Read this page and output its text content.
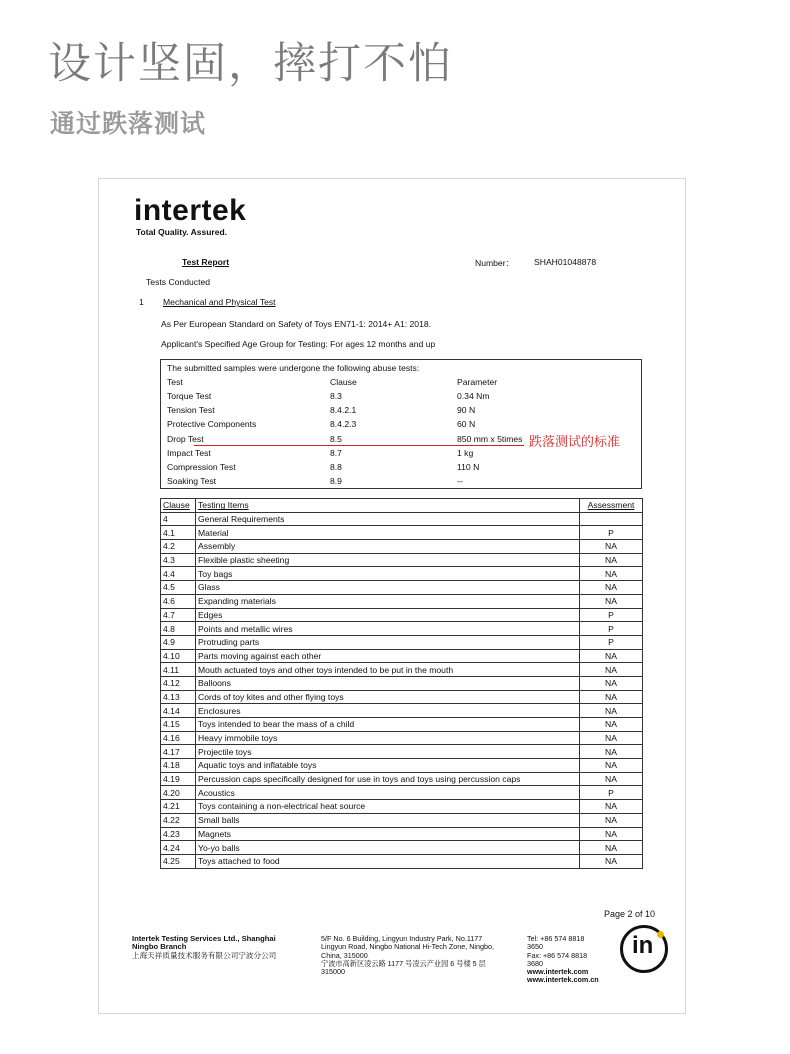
设计坚固，摔打不怕
通过跌落测试
intertek
Total Quality. Assured.
Test Report	Number： SHAH01048878
Tests Conducted
1 Mechanical and Physical Test
As Per European Standard on Safety of Toys EN71-1: 2014+ A1: 2018.
Applicant's Specified Age Group for Testing: For ages 12 months and up
The submitted samples were undergone the following abuse tests:
Test	Clause	Parameter
Torque Test	8.3	0.34 Nm
Tension Test	8.4.2.1	90 N
Protective Components	8.4.2.3	60 N
Drop Test	8.5	850 mm x 5times
Impact Test	8.7	1 kg
Compression Test	8.8	110 N
Soaking Test	8.9	--
跌落测试的标准
Clause	Testing Items	Assessment
4	General Requirements	
4.1	Material	P
4.2	Assembly	NA
4.3	Flexible plastic sheeting	NA
4.4	Toy bags	NA
4.5	Glass	NA
4.6	Expanding materials	NA
4.7	Edges	P
4.8	Points and metallic wires	P
4.9	Protruding parts	P
4.10	Parts moving against each other	NA
4.11	Mouth actuated toys and other toys intended to be put in the mouth	NA
4.12	Balloons	NA
4.13	Cords of toy kites and other flying toys	NA
4.14	Enclosures	NA
4.15	Toys intended to bear the mass of a child	NA
4.16	Heavy immobile toys	NA
4.17	Projectile toys	NA
4.18	Aquatic toys and inflatable toys	NA
4.19	Percussion caps specifically designed for use in toys and toys using percussion caps	NA
4.20	Acoustics	P
4.21	Toys containing a non-electrical heat source	NA
4.22	Small balls	NA
4.23	Magnets	NA
4.24	Yo-yo balls	NA
4.25	Toys attached to food	NA
Page 2 of 10
Intertek Testing Services Ltd., Shanghai
Ningbo Branch
上海天祥质量技术服务有限公司宁波分公司
5/F No. 6 Building, Lingyun Industry Park, No.1177
Lingyun Road, Ningbo National Hi-Tech Zone, Ningbo,
China, 315000
宁波市高新区凌云路 1177 号凌云产业园 6 号楼 5 层
315000
Tel: +86 574 8818
3650
Fax: +86 574 8818
3680
www.intertek.com
www.intertek.com.cn
in
